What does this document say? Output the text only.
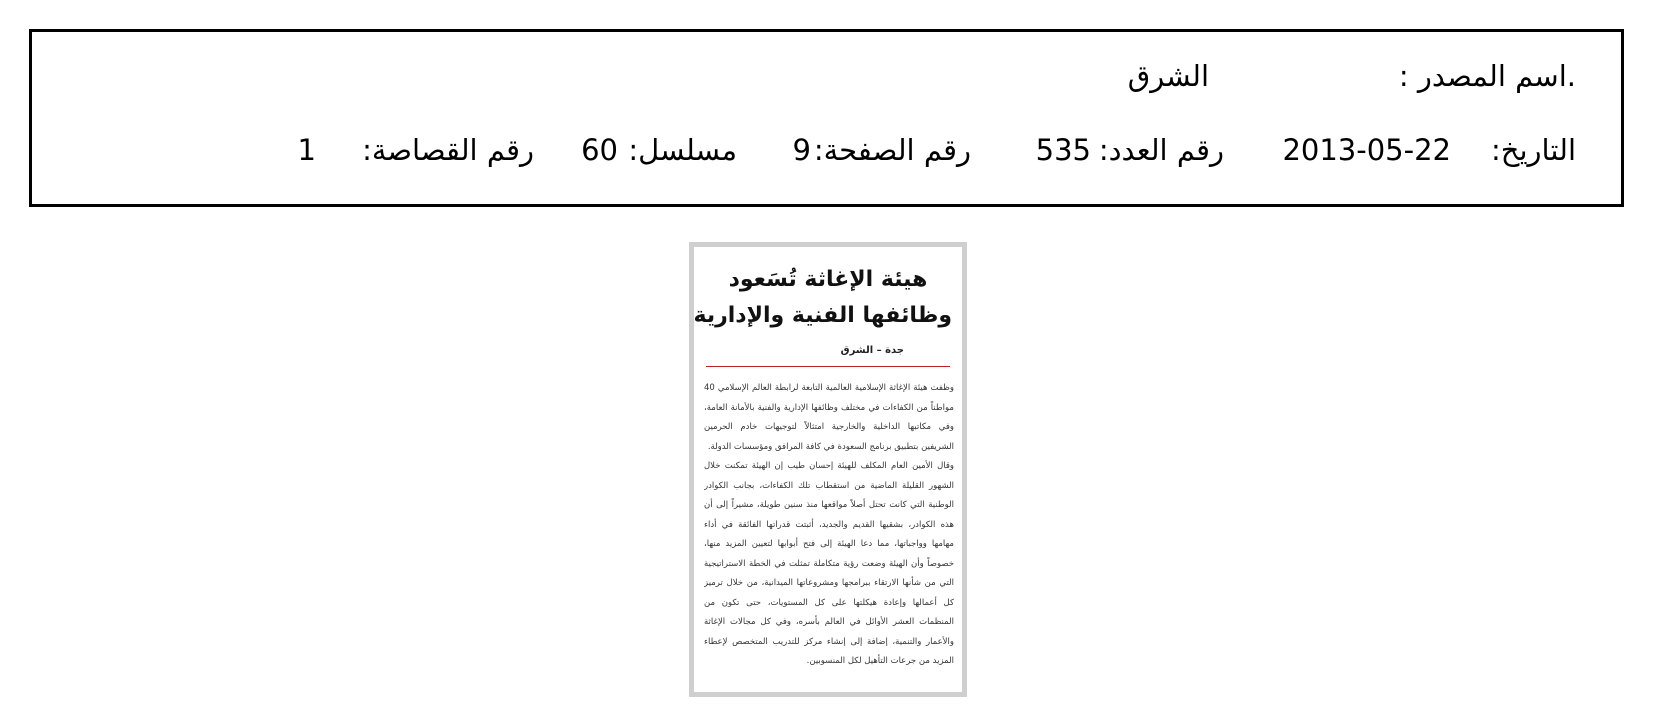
.اسم المصدر :
الشرق
التاريخ:
2013-05-22
رقم العدد:
535
رقم الصفحة:
9
مسلسل:
60
رقم القصاصة:
1
هيئة الإغاثة تُسَعود
وظائفها الفنية والإدارية
جدة – الشرق

وظفت هيئة الإغاثة الإسلامية العالمية التابعة لرابطة العالم الإسلامي 40 مواطناً من الكفاءات في مختلف وظائفها الإدارية والفنية بالأمانة العامة، وفي مكاتبها الداخلية والخارجية امتثالاً لتوجيهات خادم الحرمين الشريفين بتطبيق برنامج السعودة في كافة المرافق ومؤسسات الدولة.

وقال الأمين العام المكلف للهيئة إحسان طيب إن الهيئة تمكنت خلال الشهور القليلة الماضية من استقطاب تلك الكفاءات، بجانب الكوادر الوطنية التي كانت تحتل أصلاً مواقعها منذ سنين طويلة، مشيراً إلى أن هذه الكوادر، بشقيها القديم والجديد، أثبتت قدراتها الفائقة في أداء مهامها وواجباتها، مما دعا الهيئة إلى فتح أبوابها لتعيين المزيد منها، خصوصاً وأن الهيئة وضعت رؤية متكاملة تمثلت في الخطة الاستراتيجية التي من شأنها الارتقاء ببرامجها ومشروعاتها الميدانية، من خلال ترميز كل أعمالها وإعادة هيكلتها على كل المستويات، حتى تكون من المنظمات العشر الأوائل في العالم بأسره، وفي كل مجالات الإغاثة والأعمار والتنمية، إضافة إلى إنشاء مركز للتدريب المتخصص لإعطاء المزيد من جرعات التأهيل لكل المنسوبين.
